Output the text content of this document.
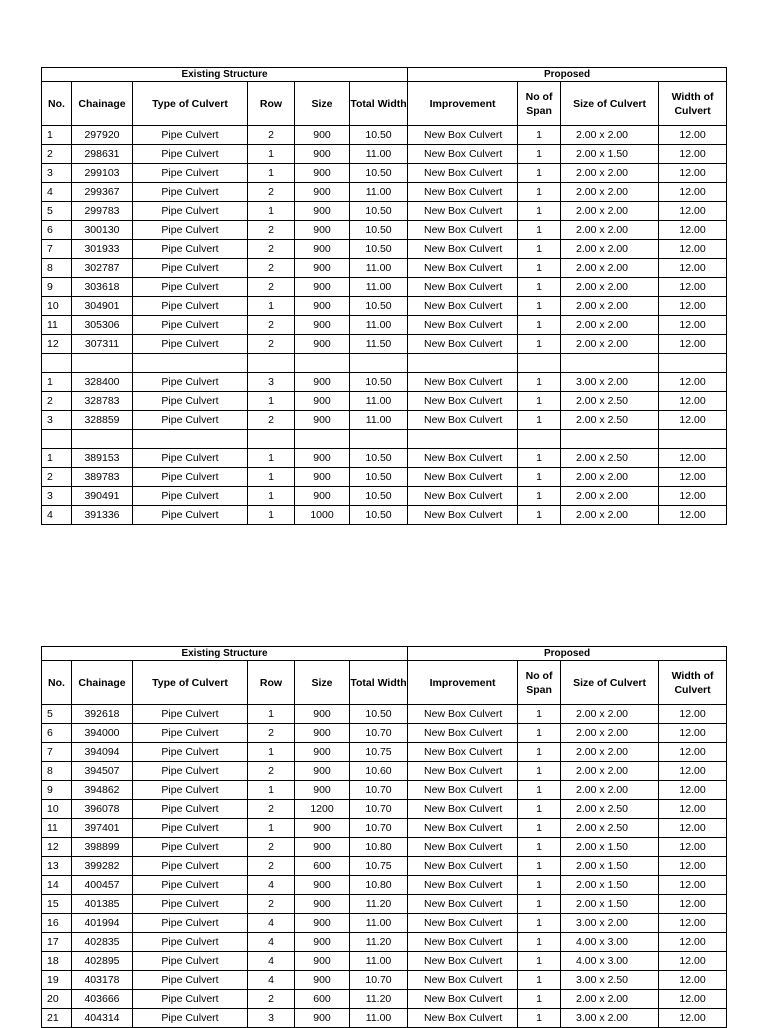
Existing Structure						Proposed			
No.	Chainage	Type of Culvert	Row	Size	Total Width	Improvement	No of Span	Size of Culvert	Width of Culvert
1	297920	Pipe Culvert	2	900	10.50	New Box Culvert	1	2.00 x 2.00	12.00
2	298631	Pipe Culvert	1	900	11.00	New Box Culvert	1	2.00 x 1.50	12.00
3	299103	Pipe Culvert	1	900	10.50	New Box Culvert	1	2.00 x 2.00	12.00
4	299367	Pipe Culvert	2	900	11.00	New Box Culvert	1	2.00 x 2.00	12.00
5	299783	Pipe Culvert	1	900	10.50	New Box Culvert	1	2.00 x 2.00	12.00
6	300130	Pipe Culvert	2	900	10.50	New Box Culvert	1	2.00 x 2.00	12.00
7	301933	Pipe Culvert	2	900	10.50	New Box Culvert	1	2.00 x 2.00	12.00
8	302787	Pipe Culvert	2	900	11.00	New Box Culvert	1	2.00 x 2.00	12.00
9	303618	Pipe Culvert	2	900	11.00	New Box Culvert	1	2.00 x 2.00	12.00
10	304901	Pipe Culvert	1	900	10.50	New Box Culvert	1	2.00 x 2.00	12.00
11	305306	Pipe Culvert	2	900	11.00	New Box Culvert	1	2.00 x 2.00	12.00
12	307311	Pipe Culvert	2	900	11.50	New Box Culvert	1	2.00 x 2.00	12.00

1	328400	Pipe Culvert	3	900	10.50	New Box Culvert	1	3.00 x 2.00	12.00
2	328783	Pipe Culvert	1	900	11.00	New Box Culvert	1	2.00 x 2.50	12.00
3	328859	Pipe Culvert	2	900	11.00	New Box Culvert	1	2.00 x 2.50	12.00

1	389153	Pipe Culvert	1	900	10.50	New Box Culvert	1	2.00 x 2.50	12.00
2	389783	Pipe Culvert	1	900	10.50	New Box Culvert	1	2.00 x 2.00	12.00
3	390491	Pipe Culvert	1	900	10.50	New Box Culvert	1	2.00 x 2.00	12.00
4	391336	Pipe Culvert	1	1000	10.50	New Box Culvert	1	2.00 x 2.00	12.00
Existing Structure						Proposed			
No.	Chainage	Type of Culvert	Row	Size	Total Width	Improvement	No of Span	Size of Culvert	Width of Culvert
5	392618	Pipe Culvert	1	900	10.50	New Box Culvert	1	2.00 x 2.00	12.00
6	394000	Pipe Culvert	2	900	10.70	New Box Culvert	1	2.00 x 2.00	12.00
7	394094	Pipe Culvert	1	900	10.75	New Box Culvert	1	2.00 x 2.00	12.00
8	394507	Pipe Culvert	2	900	10.60	New Box Culvert	1	2.00 x 2.00	12.00
9	394862	Pipe Culvert	1	900	10.70	New Box Culvert	1	2.00 x 2.00	12.00
10	396078	Pipe Culvert	2	1200	10.70	New Box Culvert	1	2.00 x 2.50	12.00
11	397401	Pipe Culvert	1	900	10.70	New Box Culvert	1	2.00 x 2.50	12.00
12	398899	Pipe Culvert	2	900	10.80	New Box Culvert	1	2.00 x 1.50	12.00
13	399282	Pipe Culvert	2	600	10.75	New Box Culvert	1	2.00 x 1.50	12.00
14	400457	Pipe Culvert	4	900	10.80	New Box Culvert	1	2.00 x 1.50	12.00
15	401385	Pipe Culvert	2	900	11.20	New Box Culvert	1	2.00 x 1.50	12.00
16	401994	Pipe Culvert	4	900	11.00	New Box Culvert	1	3.00 x 2.00	12.00
17	402835	Pipe Culvert	4	900	11.20	New Box Culvert	1	4.00 x 3.00	12.00
18	402895	Pipe Culvert	4	900	11.00	New Box Culvert	1	4.00 x 3.00	12.00
19	403178	Pipe Culvert	4	900	10.70	New Box Culvert	1	3.00 x 2.50	12.00
20	403666	Pipe Culvert	2	600	11.20	New Box Culvert	1	2.00 x 2.00	12.00
21	404314	Pipe Culvert	3	900	11.00	New Box Culvert	1	3.00 x 2.00	12.00
